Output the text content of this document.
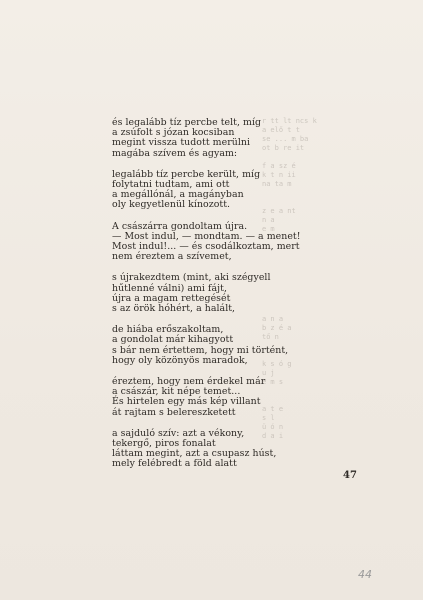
r tt lt ncs k
a elő t t
se ... m ba
ot b re it

f a sz é
k t n ii
na ta m

z e a nt
n a
e m

a n a
b z é a
tő n

k s ó g
u j
e m s

a t e
s l
ü ó n
d a i
és legalább tíz percbe telt, míg
a zsúfolt s józan kocsiban
megint vissza tudott merülni
magába szívem és agyam:
legalább tíz percbe került, míg
folytatni tudtam, ami ott
a megállónál, a magányban
oly kegyetlenül kínozott.
A császárra gondoltam újra.
— Most indul, — mondtam. — a menet!
Most indul!... — és csodálkoztam, mert
nem éreztem a szívemet,
s újrakezdtem (mint, aki szégyell
hűtlenné válni) ami fájt,
újra a magam rettegését
s az örök hóhért, a halált,
de hiába erőszakoltam,
a gondolat már kihagyott
s bár nem értettem, hogy mi történt,
hogy oly közönyös maradok,
éreztem, hogy nem érdekel már
a császár, kit népe temet...
És hirtelen egy más kép villant
át rajtam s belereszketett
a sajduló szív: azt a vékony,
tekergő, piros fonalat
láttam megint, azt a csupasz húst,
mely felébredt a föld alatt
47
44
